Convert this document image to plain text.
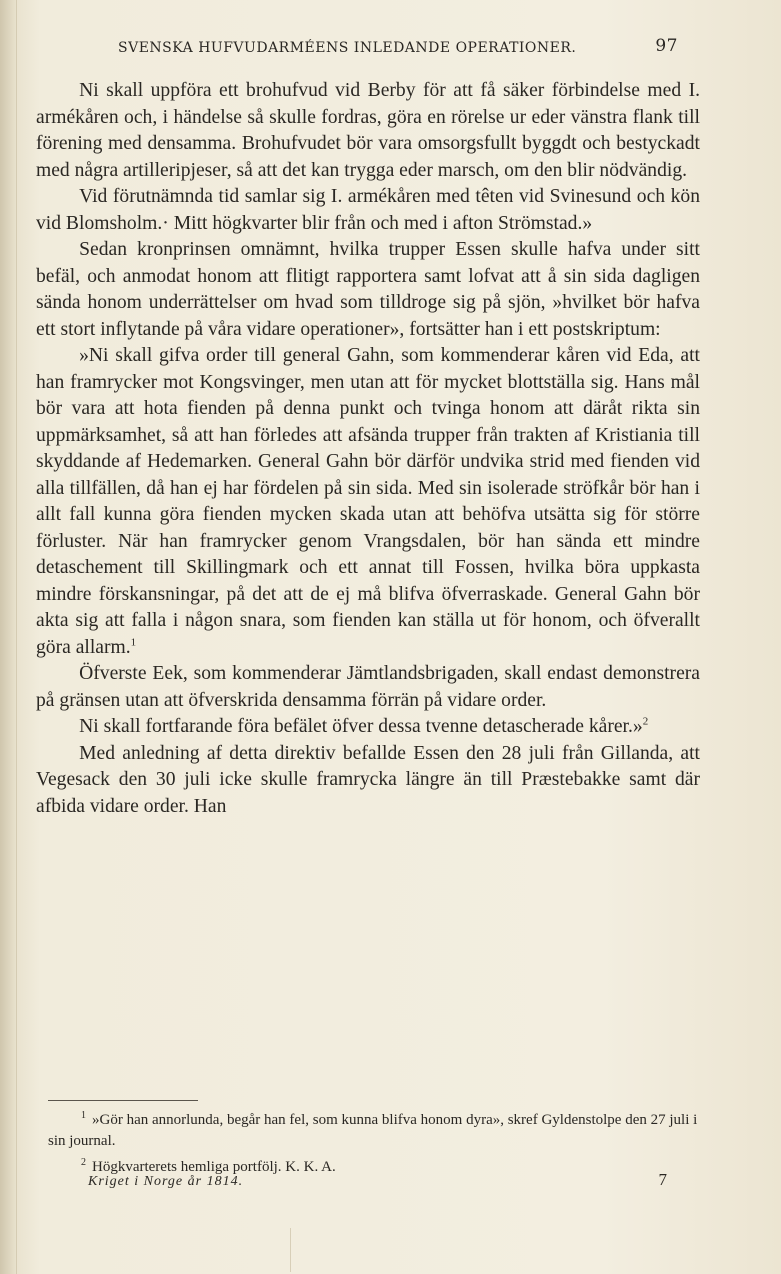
SVENSKA HUFVUDARMÉENS INLEDANDE OPERATIONER.	97

Ni skall uppföra ett brohufvud vid Berby för att få säker förbindelse med I. armékåren och, i händelse så skulle fordras, göra en rörelse ur eder vänstra flank till förening med densamma. Brohufvudet bör vara omsorgsfullt byggdt och bestyckadt med några artilleripjeser, så att det kan trygga eder marsch, om den blir nödvändig.

Vid förutnämnda tid samlar sig I. armékåren med têten vid Svinesund och kön vid Blomsholm.· Mitt högkvarter blir från och med i afton Strömstad.»

Sedan kronprinsen omnämnt, hvilka trupper Essen skulle hafva under sitt befäl, och anmodat honom att flitigt rapportera samt lofvat att å sin sida dagligen sända honom underrättelser om hvad som tilldroge sig på sjön, »hvilket bör hafva ett stort inflytande på våra vidare operationer», fortsätter han i ett postskriptum:

»Ni skall gifva order till general Gahn, som kommenderar kåren vid Eda, att han framrycker mot Kongsvinger, men utan att för mycket blottställa sig. Hans mål bör vara att hota fienden på denna punkt och tvinga honom att däråt rikta sin uppmärksamhet, så att han förledes att afsända trupper från trakten af Kristiania till skyddande af Hedemarken. General Gahn bör därför undvika strid med fienden vid alla tillfällen, då han ej har fördelen på sin sida. Med sin isolerade ströfkår bör han i allt fall kunna göra fienden mycken skada utan att behöfva utsätta sig för större förluster. När han framrycker genom Vrangsdalen, bör han sända ett mindre detaschement till Skillingmark och ett annat till Fossen, hvilka böra uppkasta mindre förskansningar, på det att de ej må blifva öfverraskade. General Gahn bör akta sig att falla i någon snara, som fienden kan ställa ut för honom, och öfverallt göra allarm.$^1$

Öfverste Eek, som kommenderar Jämtlandsbrigaden, skall endast demonstrera på gränsen utan att öfverskrida densamma förrän på vidare order.

Ni skall fortfarande föra befälet öfver dessa tvenne detascherade kårer.»$^2$

Med anledning af detta direktiv befallde Essen den 28 juli från Gillanda, att Vegesack den 30 juli icke skulle framrycka längre än till Præstebakke samt där afbida vidare order. Han

$^1$ »Gör han annorlunda, begår han fel, som kunna blifva honom dyra», skref Gyldenstolpe den 27 juli i sin journal.

$^2$ Högkvarterets hemliga portfölj. K. K. A.

Kriget i Norge år 1814.	7
